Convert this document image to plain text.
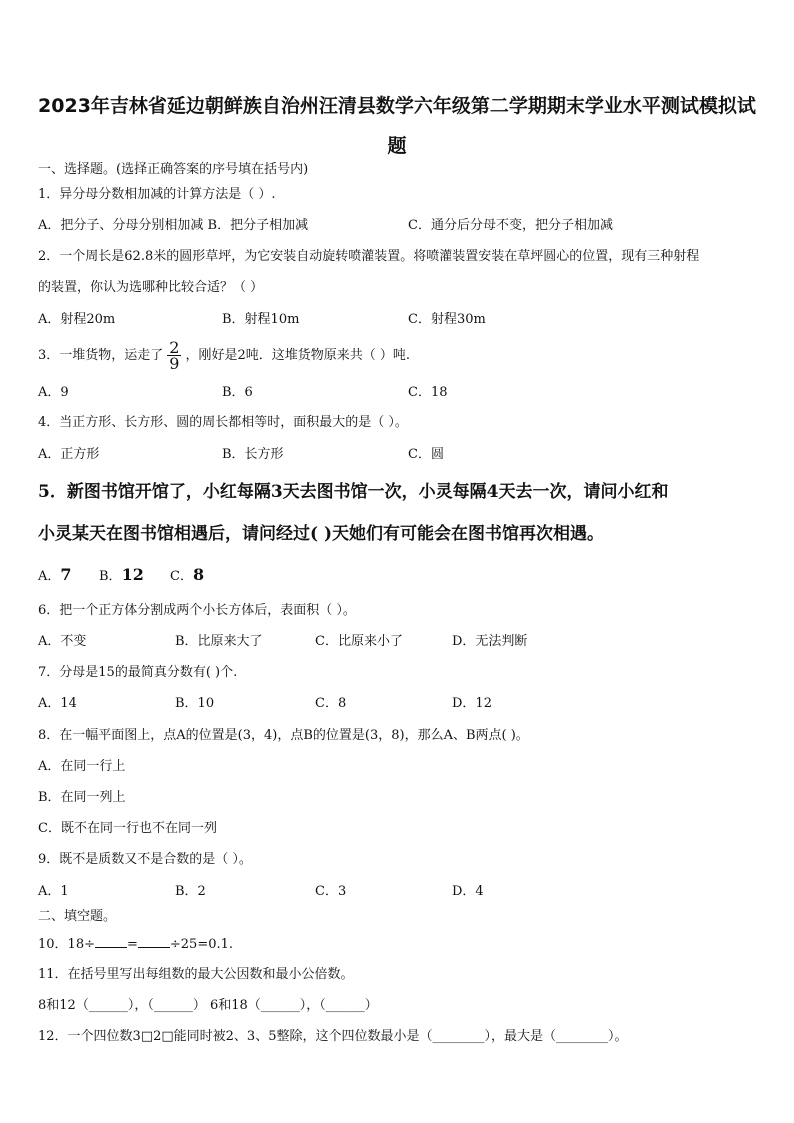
2023年吉林省延边朝鲜族自治州汪清县数学六年级第二学期期末学业水平测试模拟试题
一、选择题。(选择正确答案的序号填在括号内)
1．异分母分数相加减的计算方法是（ ）.
A．把分子、分母分别相加减 B．把分子相加减	C．通分后分母不变，把分子相加减
2．一个周长是62.8米的圆形草坪，为它安装自动旋转喷灌装置。将喷灌装置安装在草坪圆心的位置，现有三种射程
的装置，你认为选哪种比较合适？（ ）
A．射程20m	B．射程10m	C．射程30m
3．一堆货物，运走了 $\frac{2}{9}$ ，刚好是2吨．这堆货物原来共（ ）吨.
A．9	B．6	C．18
4．当正方形、长方形、圆的周长都相等时，面积最大的是（ ）。
A．正方形	B．长方形	C．圆
5．新图书馆开馆了，小红每隔3天去图书馆一次，小灵每隔4天去一次，请问小红和
小灵某天在图书馆相遇后，请问经过( )天她们有可能会在图书馆再次相遇。
A．7 B．12 C．8
6．把一个正方体分割成两个小长方体后，表面积（ ）。
A．不变	B．比原来大了	C．比原来小了	D．无法判断
7．分母是15的最简真分数有( )个.
A．14	B．10	C．8	D．12
8．在一幅平面图上，点A的位置是(3，4)，点B的位置是(3，8)，那么A、B两点( )。
A．在同一行上
B．在同一列上
C．既不在同一行也不在同一列
9．既不是质数又不是合数的是（ ）。
A．1	B．2	C．3	D．4
二、填空题。
10．18÷ = ÷25=0.1.
11．在括号里写出每组数的最大公因数和最小公倍数。
8和12（______），（______） 6和18（______），（______）
12．一个四位数3□2□能同时被2、3、5整除，这个四位数最小是（________），最大是（________）。
